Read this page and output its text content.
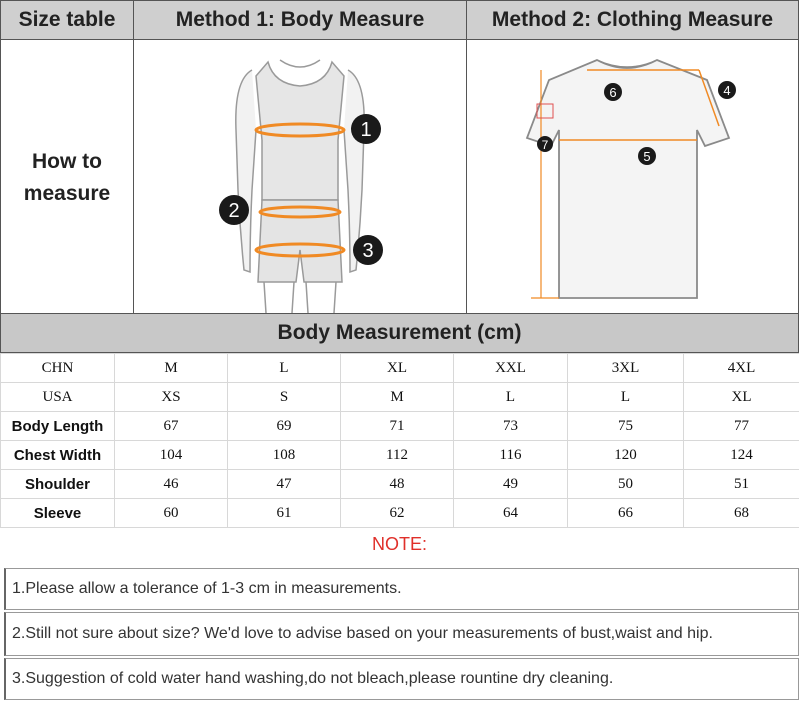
Size table	Method 1: Body Measure	Method 2: Clothing Measure
How to
measure
1
2
3
6	4
5
7
Body Measurement (cm)
CHN	M	L	XL	XXL	3XL	4XL
USA	XS	S	M	L	L	XL
Body Length	67	69	71	73	75	77
Chest Width	104	108	112	116	120	124
Shoulder	46	47	48	49	50	51
Sleeve	60	61	62	64	66	68
NOTE:
1.Please allow a tolerance of 1-3 cm in measurements.
2.Still not sure about size? We'd love to advise based on your measurements of bust,waist and hip.
3.Suggestion of cold water hand washing,do not bleach,please rountine dry cleaning.
